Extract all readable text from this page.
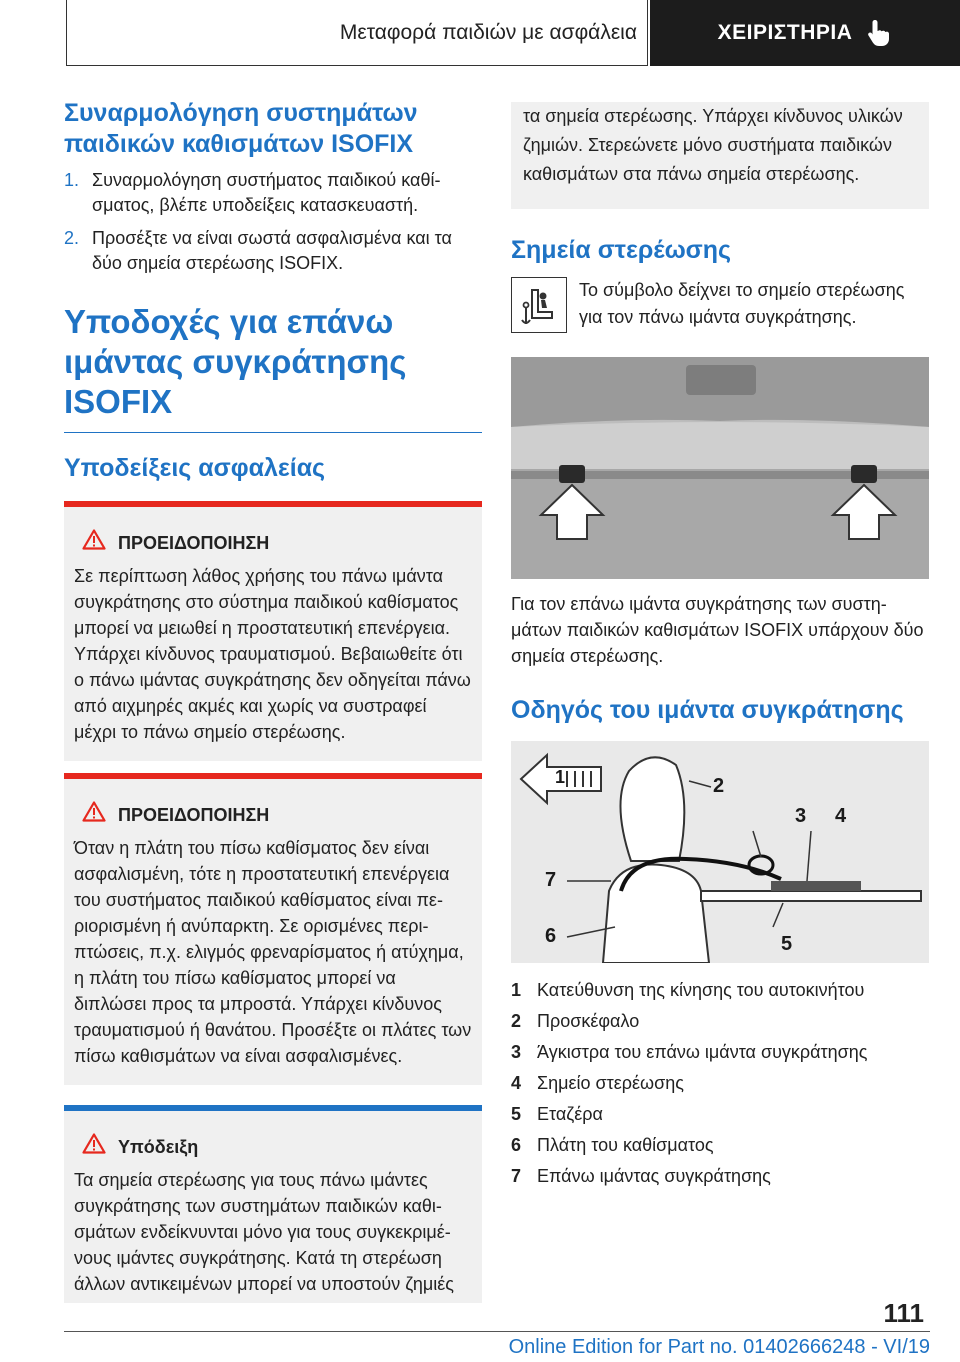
Μεταφορά παιδιών με ασφάλεια	ΧΕΙΡΙΣΤΗΡΙΑ
Συναρμολόγηση συστημάτων παιδικών καθισμάτων ISOFIX
1. Συναρμολόγηση συστήματος παιδικού καθίσματος, βλέπε υποδείξεις κατασκευαστή.
2. Προσέξτε να είναι σωστά ασφαλισμένα και τα δύο σημεία στερέωσης ISOFIX.
Υποδοχές για επάνω ιμάντας συγκράτησης ISOFIX
Υποδείξεις ασφαλείας
ΠΡΟΕΙΔΟΠΟΙΗΣΗ
Σε περίπτωση λάθος χρήσης του πάνω ιμάντα συγκράτησης στο σύστημα παιδικού καθίσματος μπορεί να μειωθεί η προστατευτική επενέργεια. Υπάρχει κίνδυνος τραυματισμού. Βεβαιωθείτε ότι ο πάνω ιμάντας συγκράτησης δεν οδηγείται πάνω από αιχμηρές ακμές και χωρίς να συστραφεί μέχρι το πάνω σημείο στερέωσης.
ΠΡΟΕΙΔΟΠΟΙΗΣΗ
Όταν η πλάτη του πίσω καθίσματος δεν είναι ασφαλισμένη, τότε η προστατευτική επενέργεια του συστήματος παιδικού καθίσματος είναι περιορισμένη ή ανύπαρκτη. Σε ορισμένες περιπτώσεις, π.χ. ελιγμός φρεναρίσματος ή ατύχημα, η πλάτη του πίσω καθίσματος μπορεί να διπλώσει προς τα μπροστά. Υπάρχει κίνδυνος τραυματισμού ή θανάτου. Προσέξτε οι πλάτες των πίσω καθισμάτων να είναι ασφαλισμένες.
Υπόδειξη
Τα σημεία στερέωσης για τους πάνω ιμάντες συγκράτησης των συστημάτων παιδικών καθισμάτων ενδείκνυνται μόνο για τους συγκεκριμένους ιμάντες συγκράτησης. Κατά τη στερέωση άλλων αντικειμένων μπορεί να υποστούν ζημιές
τα σημεία στερέωσης. Υπάρχει κίνδυνος υλικών ζημιών. Στερεώνετε μόνο συστήματα παιδικών καθισμάτων στα πάνω σημεία στερέωσης.
Σημεία στερέωσης
Το σύμβολο δείχνει το σημείο στερέωσης για τον πάνω ιμάντα συγκράτησης.
Για τον επάνω ιμάντα συγκράτησης των συστημάτων παιδικών καθισμάτων ISOFIX υπάρχουν δύο σημεία στερέωσης.
Οδηγός του ιμάντα συγκράτησης
1	2
3 4
5
6
7
1 Κατεύθυνση της κίνησης του αυτοκινήτου
2 Προσκέφαλο
3 Άγκιστρα του επάνω ιμάντα συγκράτησης
4 Σημείο στερέωσης
5 Εταζέρα
6 Πλάτη του καθίσματος
7 Επάνω ιμάντας συγκράτησης
111
Online Edition for Part no. 01402666248 - VI/19
